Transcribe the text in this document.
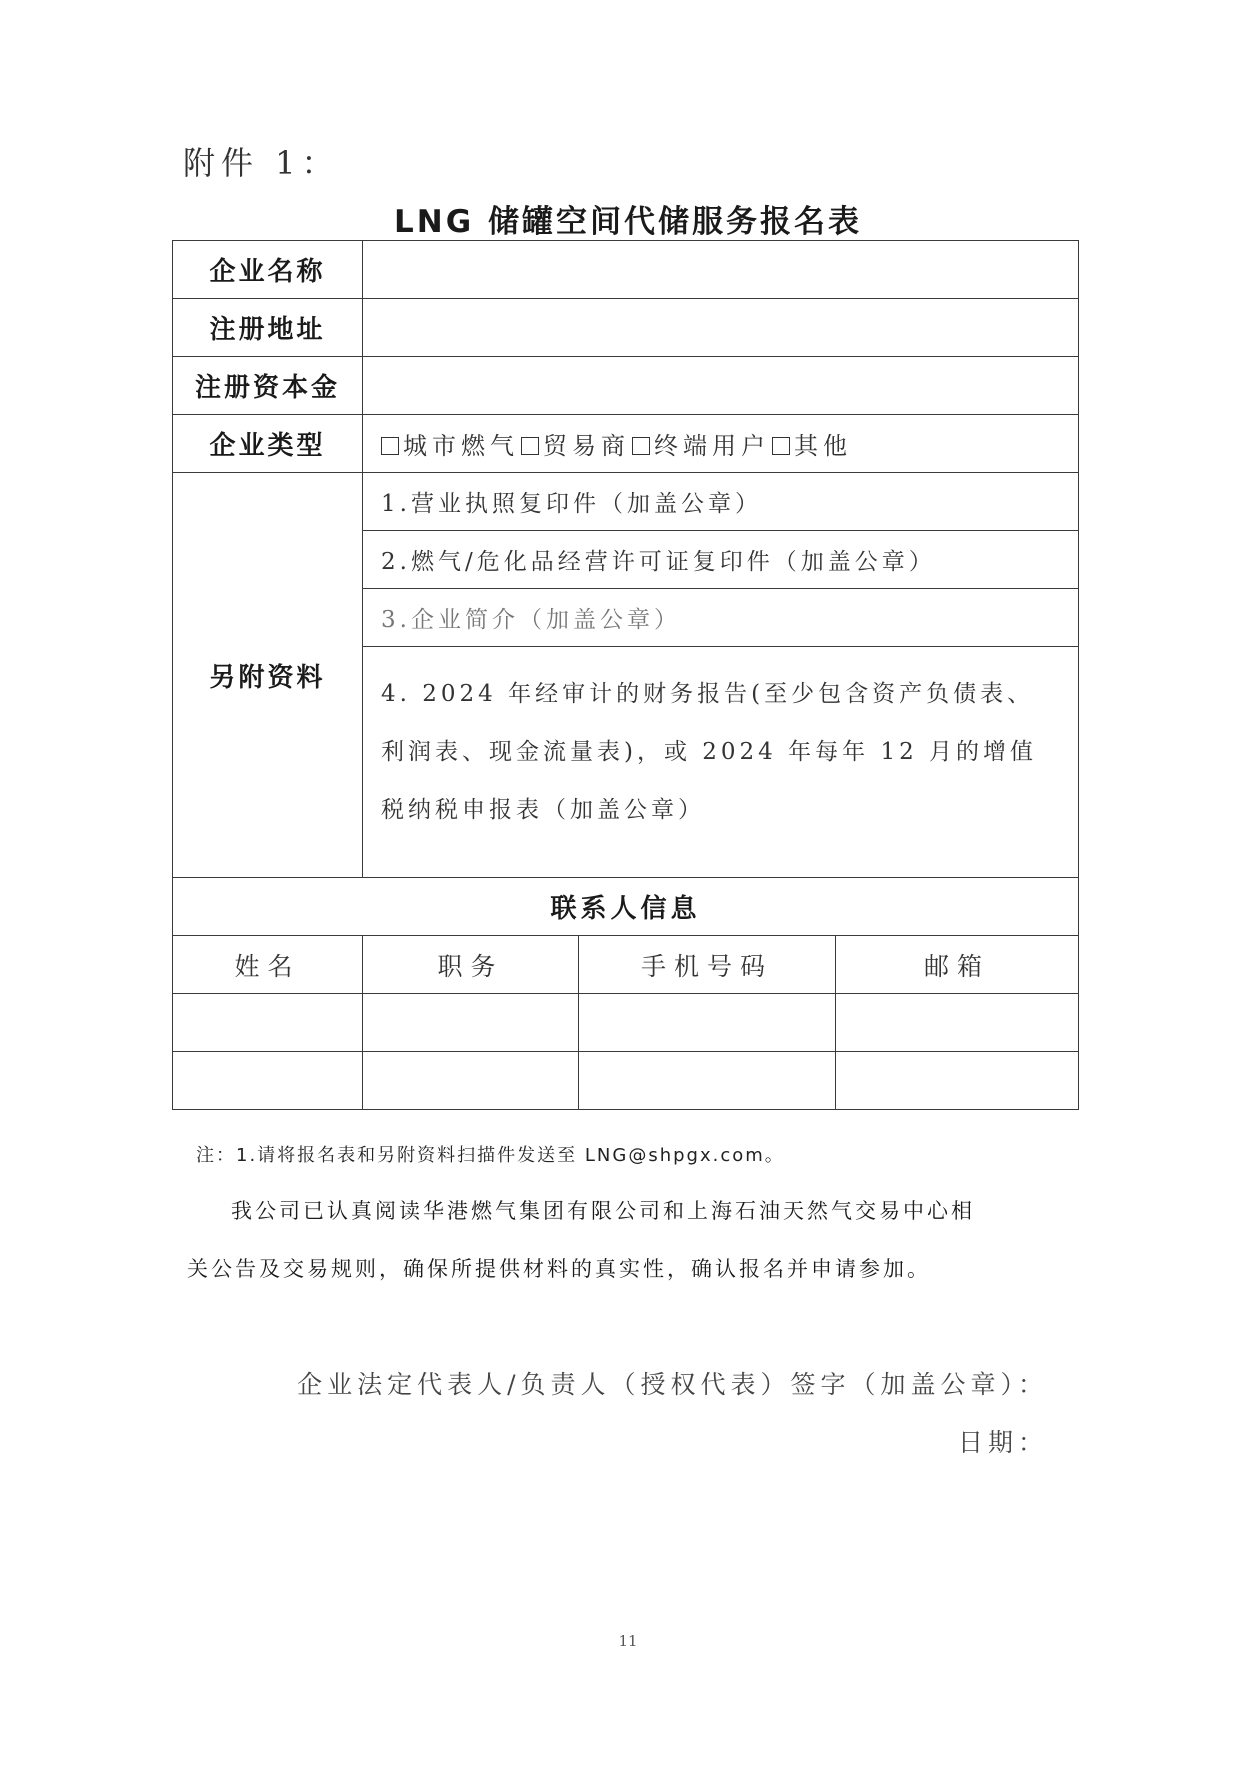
附件 1：
LNG 储罐空间代储服务报名表
企业名称			
注册地址			
注册资本金			
企业类型	城市燃气 贸易商 终端用户 其他		
另附资料	1.营业执照复印件（加盖公章）		
	2.燃气/危化品经营许可证复印件（加盖公章）		
	3.企业简介（加盖公章）		
	4. 2024 年经审计的财务报告(至少包含资产负债表、利润表、现金流量表)，或 2024 年每年 12 月的增值税纳税申报表（加盖公章）		
联系人信息			
姓名	职务	手机号码	邮箱

注：1.请将报名表和另附资料扫描件发送至 LNG@shpgx.com。
我公司已认真阅读华港燃气集团有限公司和上海石油天然气交易中心相
关公告及交易规则，确保所提供材料的真实性，确认报名并申请参加。
企业法定代表人/负责人（授权代表）签字（加盖公章）：
日期：
11
